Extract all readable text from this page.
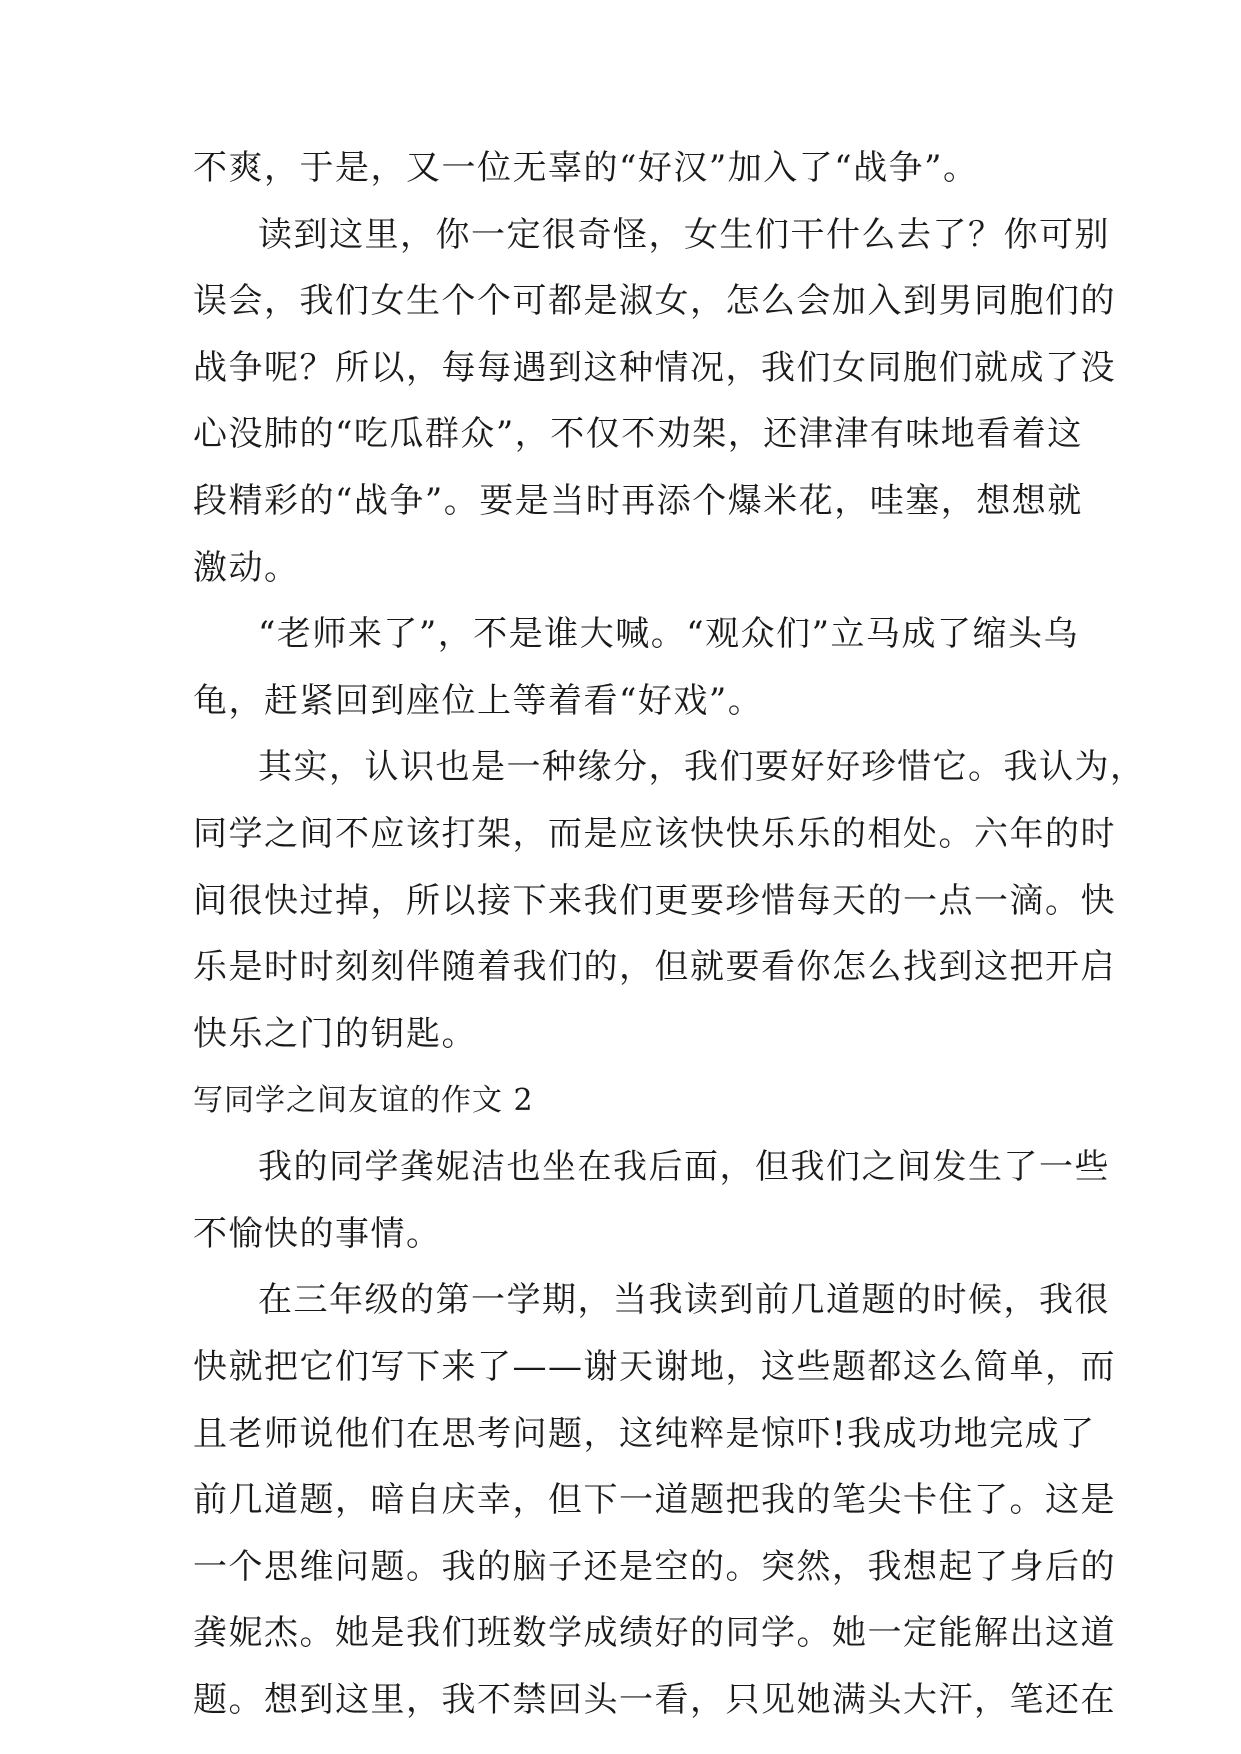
不爽，于是，又一位无辜的“好汉”加入了“战争”。
读到这里，你一定很奇怪，女生们干什么去了？你可别
误会，我们女生个个可都是淑女，怎么会加入到男同胞们的
战争呢？所以，每每遇到这种情况，我们女同胞们就成了没
心没肺的“吃瓜群众”，不仅不劝架，还津津有味地看着这
段精彩的“战争”。要是当时再添个爆米花，哇塞，想想就
激动。
“老师来了”，不是谁大喊。“观众们”立马成了缩头乌
龟，赶紧回到座位上等着看“好戏”。
其实，认识也是一种缘分，我们要好好珍惜它。我认为，
同学之间不应该打架，而是应该快快乐乐的相处。六年的时
间很快过掉，所以接下来我们更要珍惜每天的一点一滴。快
乐是时时刻刻伴随着我们的，但就要看你怎么找到这把开启
快乐之门的钥匙。
写同学之间友谊的作文 2
我的同学龚妮洁也坐在我后面，但我们之间发生了一些
不愉快的事情。
在三年级的第一学期，当我读到前几道题的时候，我很
快就把它们写下来了——谢天谢地，这些题都这么简单，而
且老师说他们在思考问题，这纯粹是惊吓!我成功地完成了
前几道题，暗自庆幸，但下一道题把我的笔尖卡住了。这是
一个思维问题。我的脑子还是空的。突然，我想起了身后的
龚妮杰。她是我们班数学成绩好的同学。她一定能解出这道
题。想到这里，我不禁回头一看，只见她满头大汗，笔还在
